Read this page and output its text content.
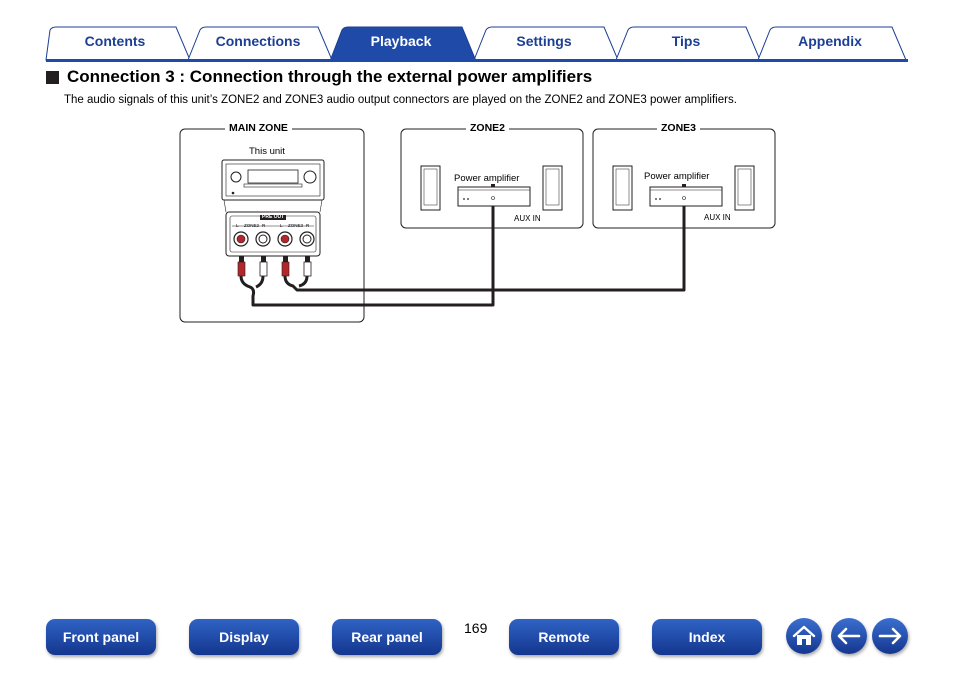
Contents	Connections	Playback	Settings	Tips	Appendix
Connection 3 : Connection through the external power amplifiers
The audio signals of this unit’s ZONE2 and ZONE3 audio output connectors are played on the ZONE2 and ZONE3 power amplifiers.
MAIN ZONE	ZONE2	ZONE3
This unit
Power amplifier	Power amplifier
AUX IN	AUX IN
PRE OUT
L ZONE2 R	L ZONE3 R
Front panel	Display	Rear panel
169
Remote	Index
